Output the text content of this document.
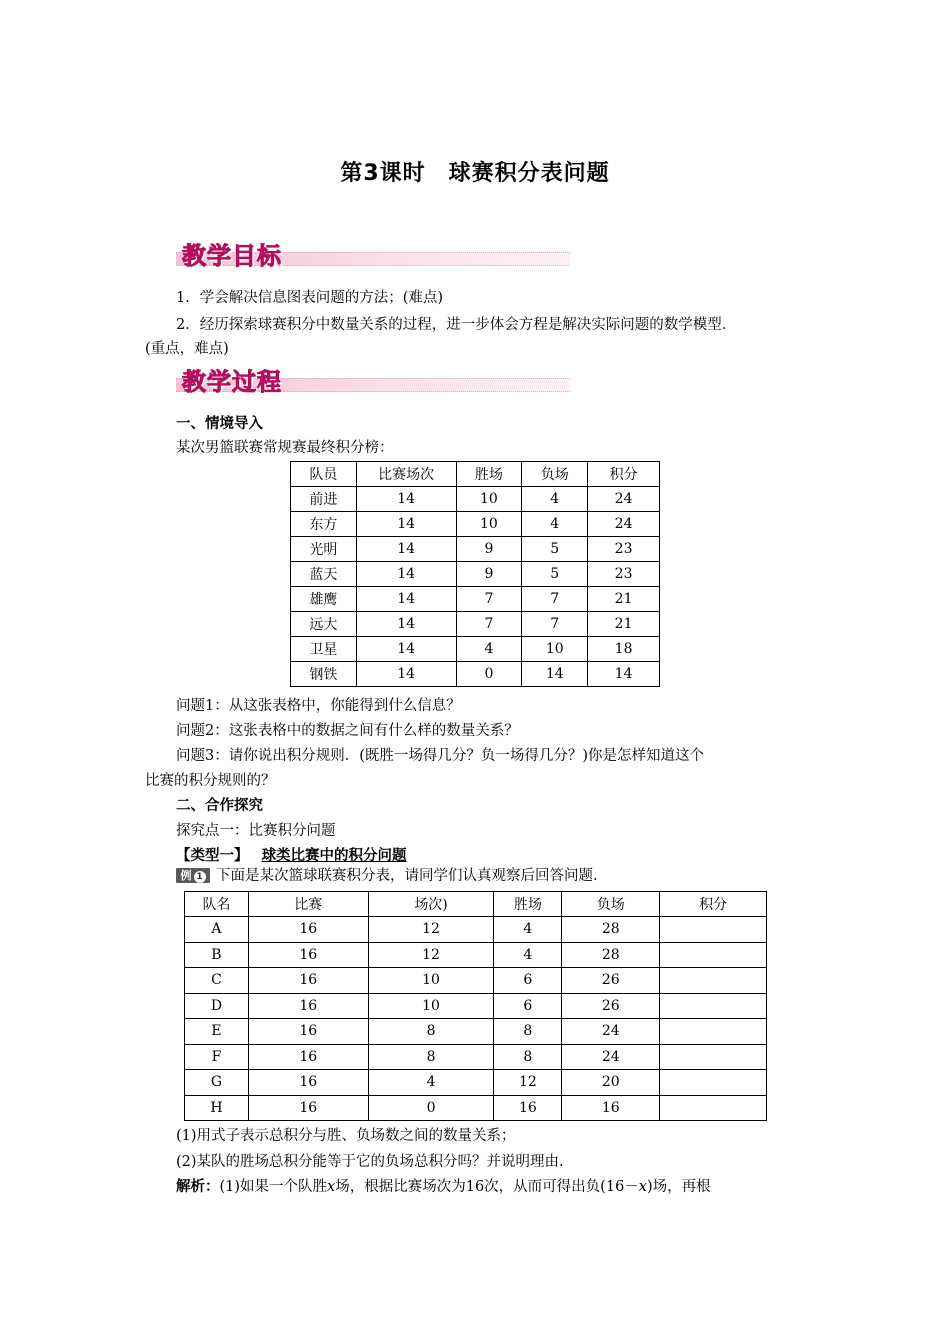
第3课时　球赛积分表问题
教学目标
1．学会解决信息图表问题的方法；(难点)
2．经历探索球赛积分中数量关系的过程，进一步体会方程是解决实际问题的数学模型．
(重点，难点)
教学过程
一、情境导入
某次男篮联赛常规赛最终积分榜：
队员	比赛场次	胜场	负场	积分
前进	14	10	4	24
东方	14	10	4	24
光明	14	9	5	23
蓝天	14	9	5	23
雄鹰	14	7	7	21
远大	14	7	7	21
卫星	14	4	10	18
钢铁	14	0	14	14
问题1：从这张表格中，你能得到什么信息？
问题2：这张表格中的数据之间有什么样的数量关系？
问题3：请你说出积分规则．(既胜一场得几分？负一场得几分？)你是怎样知道这个
比赛的积分规则的？
二、合作探究
探究点一：比赛积分问题
【类型一】 球类比赛中的积分问题
例 1 下面是某次篮球联赛积分表，请同学们认真观察后回答问题.
队名	比赛	场次)	胜场	负场	积分
A	16	12	4	28	
B	16	12	4	28	
C	16	10	6	26	
D	16	10	6	26	
E	16	8	8	24	
F	16	8	8	24	
G	16	4	12	20	
H	16	0	16	16	
(1)用式子表示总积分与胜、负场数之间的数量关系；
(2)某队的胜场总积分能等于它的负场总积分吗？并说明理由.
解析：(1)如果一个队胜x场，根据比赛场次为16次，从而可得出负(16－x)场，再根
